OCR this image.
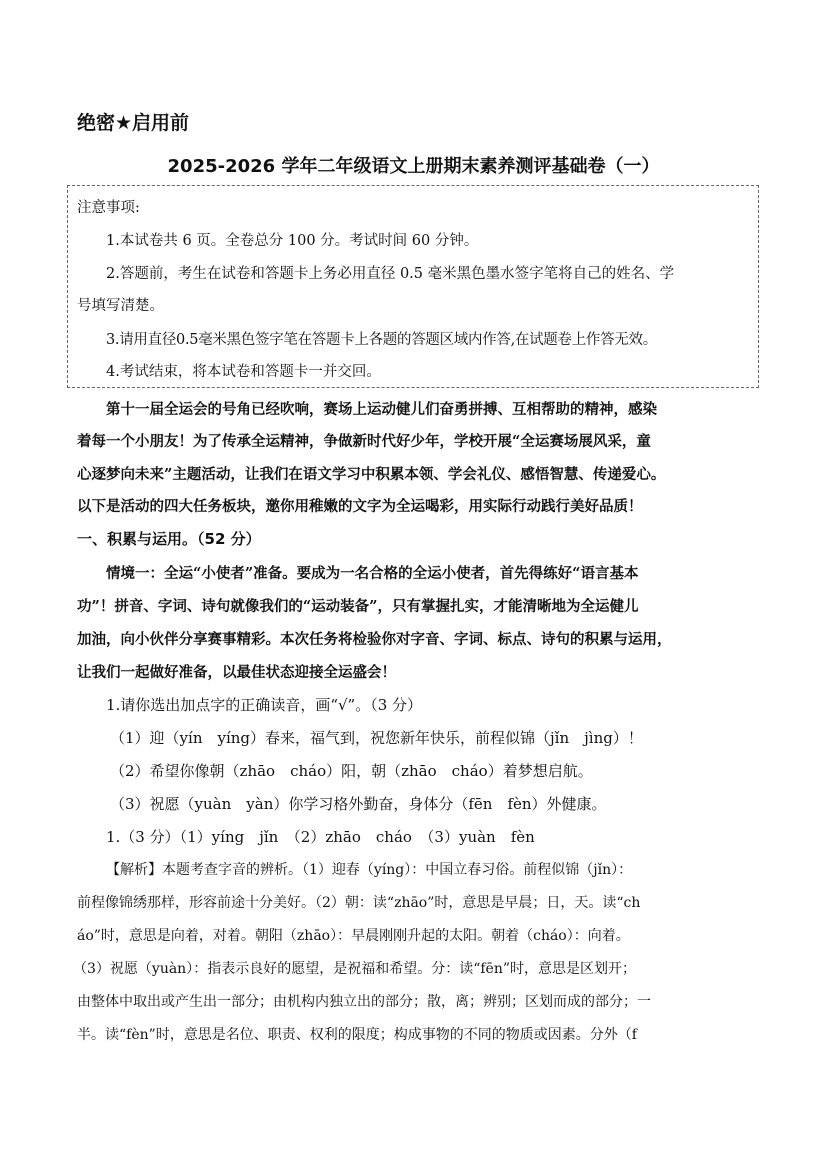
绝密★启用前
2025-2026 学年二年级语文上册期末素养测评基础卷（一）
注意事项:
1.本试卷共 6 页。全卷总分 100 分。考试时间 60 分钟。
2.答题前，考生在试卷和答题卡上务必用直径 0.5 毫米黑色墨水签字笔将自己的姓名、学
号填写清楚。
3.请用直径0.5毫米黑色签字笔在答题卡上各题的答题区域内作答,在试题卷上作答无效。
4.考试结束，将本试卷和答题卡一并交回。
第十一届全运会的号角已经吹响，赛场上运动健儿们奋勇拼搏、互相帮助的精神，感染
着每一个小朋友！为了传承全运精神，争做新时代好少年，学校开展“全运赛场展风采，童
心逐梦向未来”主题活动，让我们在语文学习中积累本领、学会礼仪、感悟智慧、传递爱心。
以下是活动的四大任务板块，邀你用稚嫩的文字为全运喝彩，用实际行动践行美好品质！
一、积累与运用。（52 分）
情境一：全运“小使者”准备。要成为一名合格的全运小使者，首先得练好“语言基本
功”！拼音、字词、诗句就像我们的“运动装备”，只有掌握扎实，才能清晰地为全运健儿
加油，向小伙伴分享赛事精彩。本次任务将检验你对字音、字词、标点、诗句的积累与运用，
让我们一起做好准备，以最佳状态迎接全运盛会！
1.请你选出加点字的正确读音，画“√”。（3 分）
（1）迎（yín　yíng）春来，福气到，祝您新年快乐，前程似锦（jǐn　jìng）！
（2）希望你像朝（zhāo　cháo）阳，朝（zhāo　cháo）着梦想启航。
（3）祝愿（yuàn　yàn）你学习格外勤奋，身体分（fēn　fèn）外健康。
1.（3 分）（1）yíng　jǐn　（2）zhāo　cháo　（3）yuàn　fèn
【解析】本题考查字音的辨析。（1）迎春（yíng）：中国立春习俗。前程似锦（jǐn）：
前程像锦绣那样，形容前途十分美好。（2）朝：读“zhāo”时，意思是早晨；日，天。读“ch
áo”时，意思是向着，对着。朝阳（zhāo）：早晨刚刚升起的太阳。朝着（cháo）：向着。
（3）祝愿（yuàn）：指表示良好的愿望，是祝福和希望。分：读“fēn”时，意思是区划开；
由整体中取出或产生出一部分；由机构内独立出的部分；散，离；辨别；区划而成的部分；一
半。读“fèn”时，意思是名位、职责、权利的限度；构成事物的不同的物质或因素。分外（f
